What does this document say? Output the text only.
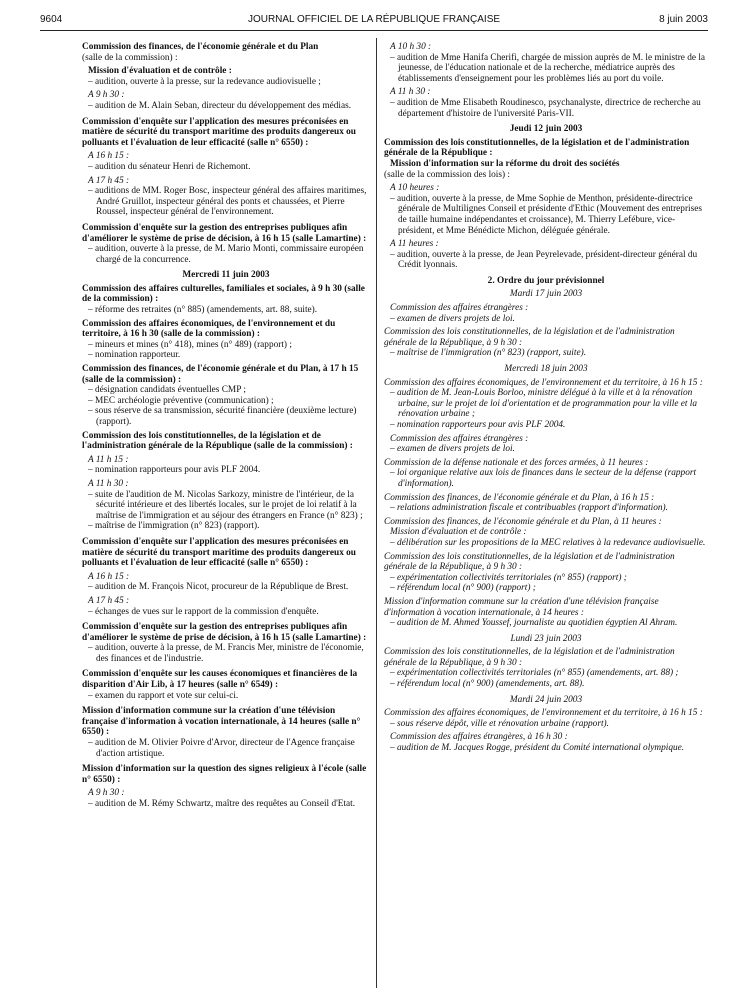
9604	JOURNAL OFFICIEL DE LA RÉPUBLIQUE FRANÇAISE	8 juin 2003

Commission des finances, de l'économie générale et du Plan

(salle de la commission) :

Mission d'évaluation et de contrôle :

– audition, ouverte à la presse, sur la redevance audiovisuelle ;

A 9 h 30 :

– audition de M. Alain Seban, directeur du développement des médias.

Commission d'enquête sur l'application des mesures préconisées en matière de sécurité du transport maritime des produits dangereux ou polluants et l'évaluation de leur efficacité (salle n° 6550) :

A 16 h 15 :

– audition du sénateur Henri de Richemont.

A 17 h 45 :

– auditions de MM. Roger Bosc, inspecteur général des affaires maritimes, André Gruillot, inspecteur général des ponts et chaussées, et Pierre Roussel, inspecteur général de l'environnement.

Commission d'enquête sur la gestion des entreprises publiques afin d'améliorer le système de prise de décision, à 16 h 15 (salle Lamartine) :

– audition, ouverte à la presse, de M. Mario Monti, commissaire européen chargé de la concurrence.

Mercredi 11 juin 2003

Commission des affaires culturelles, familiales et sociales, à 9 h 30 (salle de la commission) :

– réforme des retraites (n° 885) (amendements, art. 88, suite).

Commission des affaires économiques, de l'environnement et du territoire, à 16 h 30 (salle de la commission) :

– mineurs et mines (n° 418), mines (n° 489) (rapport) ;

– nomination rapporteur.

Commission des finances, de l'économie générale et du Plan, à 17 h 15 (salle de la commission) :

– désignation candidats éventuelles CMP ;

– MEC archéologie préventive (communication) ;

– sous réserve de sa transmission, sécurité financière (deuxième lecture) (rapport).

Commission des lois constitutionnelles, de la législation et de l'administration générale de la République (salle de la commission) :

A 11 h 15 :

– nomination rapporteurs pour avis PLF 2004.

A 11 h 30 :

– suite de l'audition de M. Nicolas Sarkozy, ministre de l'intérieur, de la sécurité intérieure et des libertés locales, sur le projet de loi relatif à la maîtrise de l'immigration et au séjour des étrangers en France (n° 823) ;

– maîtrise de l'immigration (n° 823) (rapport).

Commission d'enquête sur l'application des mesures préconisées en matière de sécurité du transport maritime des produits dangereux ou polluants et l'évaluation de leur efficacité (salle n° 6550) :

A 16 h 15 :

– audition de M. François Nicot, procureur de la République de Brest.

A 17 h 45 :

– échanges de vues sur le rapport de la commission d'enquête.

Commission d'enquête sur la gestion des entreprises publiques afin d'améliorer le système de prise de décision, à 16 h 15 (salle Lamartine) :

– audition, ouverte à la presse, de M. Francis Mer, ministre de l'économie, des finances et de l'industrie.

Commission d'enquête sur les causes économiques et financières de la disparition d'Air Lib, à 17 heures (salle n° 6549) :

– examen du rapport et vote sur celui-ci.

Mission d'information commune sur la création d'une télévision française d'information à vocation internationale, à 14 heures (salle n° 6550) :

– audition de M. Olivier Poivre d'Arvor, directeur de l'Agence française d'action artistique.

Mission d'information sur la question des signes religieux à l'école (salle n° 6550) :

A 9 h 30 :

– audition de M. Rémy Schwartz, maître des requêtes au Conseil d'Etat.

A 10 h 30 :

– audition de Mme Hanifa Cherifi, chargée de mission auprès de M. le ministre de la jeunesse, de l'éducation nationale et de la recherche, médiatrice auprès des établissements d'enseignement pour les problèmes liés au port du voile.

A 11 h 30 :

– audition de Mme Elisabeth Roudinesco, psychanalyste, directrice de recherche au département d'histoire de l'université Paris-VII.

Jeudi 12 juin 2003

Commission des lois constitutionnelles, de la législation et de l'administration générale de la République :

Mission d'information sur la réforme du droit des sociétés

(salle de la commission des lois) :

A 10 heures :

– audition, ouverte à la presse, de Mme Sophie de Menthon, présidente-directrice générale de Multilignes Conseil et présidente d'Ethic (Mouvement des entreprises de taille humaine indépendantes et croissance), M. Thierry Lefébure, vice-président, et Mme Bénédicte Michon, déléguée générale.

A 11 heures :

– audition, ouverte à la presse, de Jean Peyrelevade, président-directeur général du Crédit lyonnais.

2. Ordre du jour prévisionnel

Mardi 17 juin 2003

Commission des affaires étrangères :

– examen de divers projets de loi.

Commission des lois constitutionnelles, de la législation et de l'administration générale de la République, à 9 h 30 :

– maîtrise de l'immigration (n° 823) (rapport, suite).

Mercredi 18 juin 2003

Commission des affaires économiques, de l'environnement et du territoire, à 16 h 15 :

– audition de M. Jean-Louis Borloo, ministre délégué à la ville et à la rénovation urbaine, sur le projet de loi d'orientation et de programmation pour la ville et la rénovation urbaine ;

– nomination rapporteurs pour avis PLF 2004.

Commission des affaires étrangères :

– examen de divers projets de loi.

Commission de la défense nationale et des forces armées, à 11 heures :

– loi organique relative aux lois de finances dans le secteur de la défense (rapport d'information).

Commission des finances, de l'économie générale et du Plan, à 16 h 15 :

– relations administration fiscale et contribuables (rapport d'information).

Commission des finances, de l'économie générale et du Plan, à 11 heures :

Mission d'évaluation et de contrôle :

– délibération sur les propositions de la MEC relatives à la redevance audiovisuelle.

Commission des lois constitutionnelles, de la législation et de l'administration générale de la République, à 9 h 30 :

– expérimentation collectivités territoriales (n° 855) (rapport) ;

– référendum local (n° 900) (rapport) ;

Mission d'information commune sur la création d'une télévision française d'information à vocation internationale, à 14 heures :

– audition de M. Ahmed Youssef, journaliste au quotidien égyptien Al Ahram.

Lundi 23 juin 2003

Commission des lois constitutionnelles, de la législation et de l'administration générale de la République, à 9 h 30 :

– expérimentation collectivités territoriales (n° 855) (amendements, art. 88) ;

– référendum local (n° 900) (amendements, art. 88).

Mardi 24 juin 2003

Commission des affaires économiques, de l'environnement et du territoire, à 16 h 15 :

– sous réserve dépôt, ville et rénovation urbaine (rapport).

Commission des affaires étrangères, à 16 h 30 :

– audition de M. Jacques Rogge, président du Comité international olympique.
